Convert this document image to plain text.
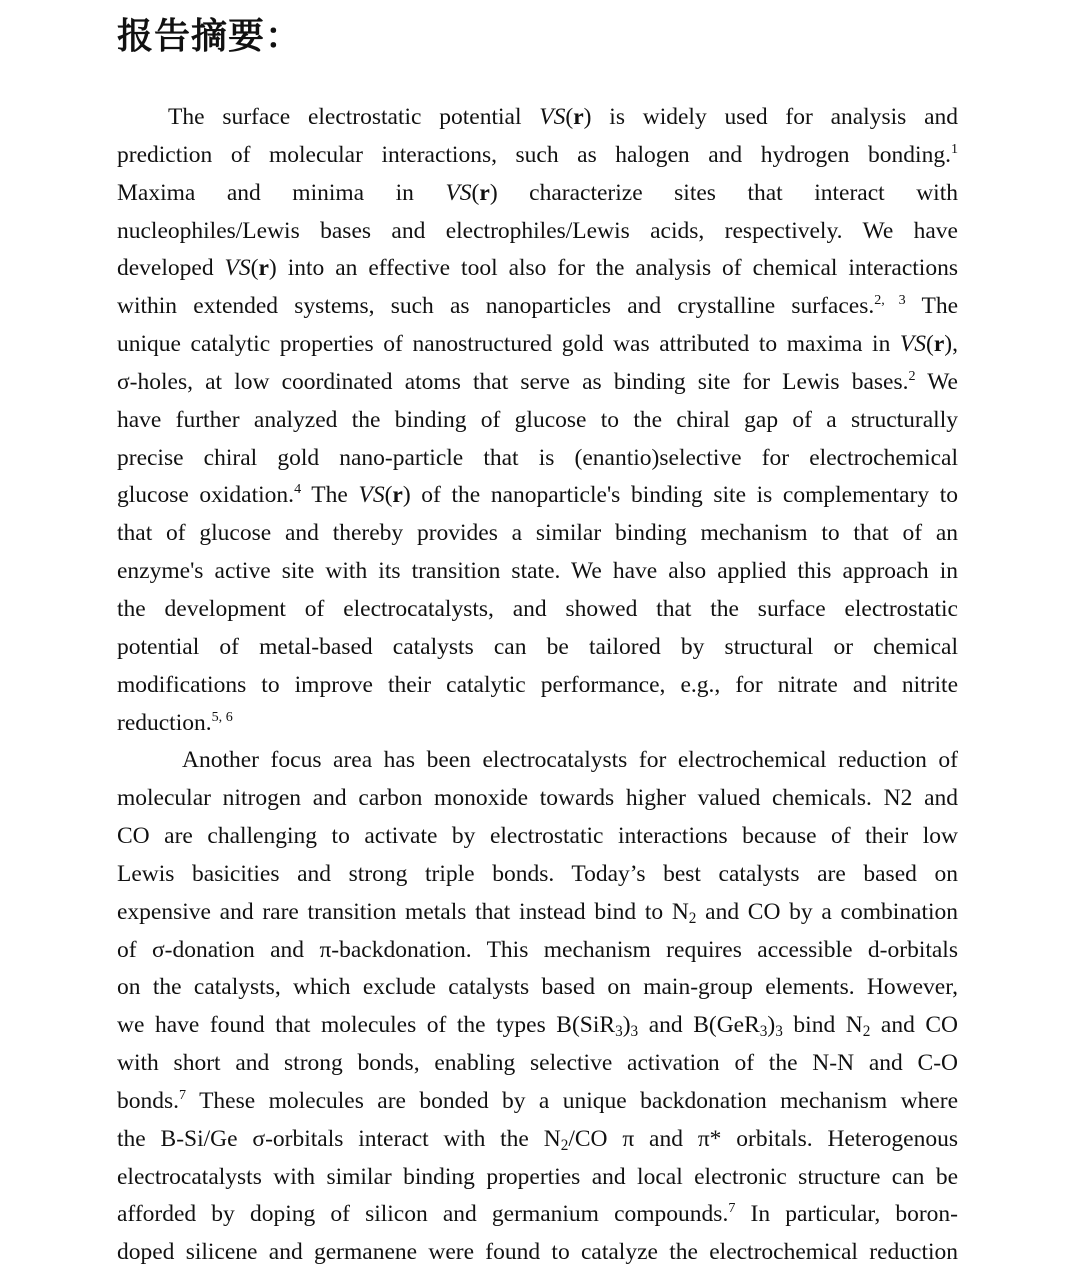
报告摘要：
The surface electrostatic potential VS(r) is widely used for analysis and
prediction of molecular interactions, such as halogen and hydrogen bonding.$^1$
Maxima and minima in VS(r) characterize sites that interact with
nucleophiles/Lewis bases and electrophiles/Lewis acids, respectively. We have
developed VS(r) into an effective tool also for the analysis of chemical interactions
within extended systems, such as nanoparticles and crystalline surfaces.$^{2, 3}$ The
unique catalytic properties of nanostructured gold was attributed to maxima in VS(r),
σ-holes, at low coordinated atoms that serve as binding site for Lewis bases.$^2$ We
have further analyzed the binding of glucose to the chiral gap of a structurally
precise chiral gold nano-particle that is (enantio)selective for electrochemical
glucose oxidation.$^4$ The VS(r) of the nanoparticle's binding site is complementary to
that of glucose and thereby provides a similar binding mechanism to that of an
enzyme's active site with its transition state. We have also applied this approach in
the development of electrocatalysts, and showed that the surface electrostatic
potential of metal-based catalysts can be tailored by structural or chemical
modifications to improve their catalytic performance, e.g., for nitrate and nitrite
reduction.$^{5, 6}$
Another focus area has been electrocatalysts for electrochemical reduction of
molecular nitrogen and carbon monoxide towards higher valued chemicals. N2 and
CO are challenging to activate by electrostatic interactions because of their low
Lewis basicities and strong triple bonds. Today’s best catalysts are based on
expensive and rare transition metals that instead bind to $N_2$ and CO by a combination
of σ-donation and π-backdonation. This mechanism requires accessible d-orbitals
on the catalysts, which exclude catalysts based on main-group elements. However,
we have found that molecules of the types $B(SiR_3)_3$ and $B(GeR_3)_3$ bind $N_2$ and CO
with short and strong bonds, enabling selective activation of the N-N and C-O
bonds.$^7$ These molecules are bonded by a unique backdonation mechanism where
the B-Si/Ge σ-orbitals interact with the $N_2/CO$ π and π* orbitals. Heterogenous
electrocatalysts with similar binding properties and local electronic structure can be
afforded by doping of silicon and germanium compounds.$^7$ In particular, boron-
doped silicene and germanene were found to catalyze the electrochemical reduction
